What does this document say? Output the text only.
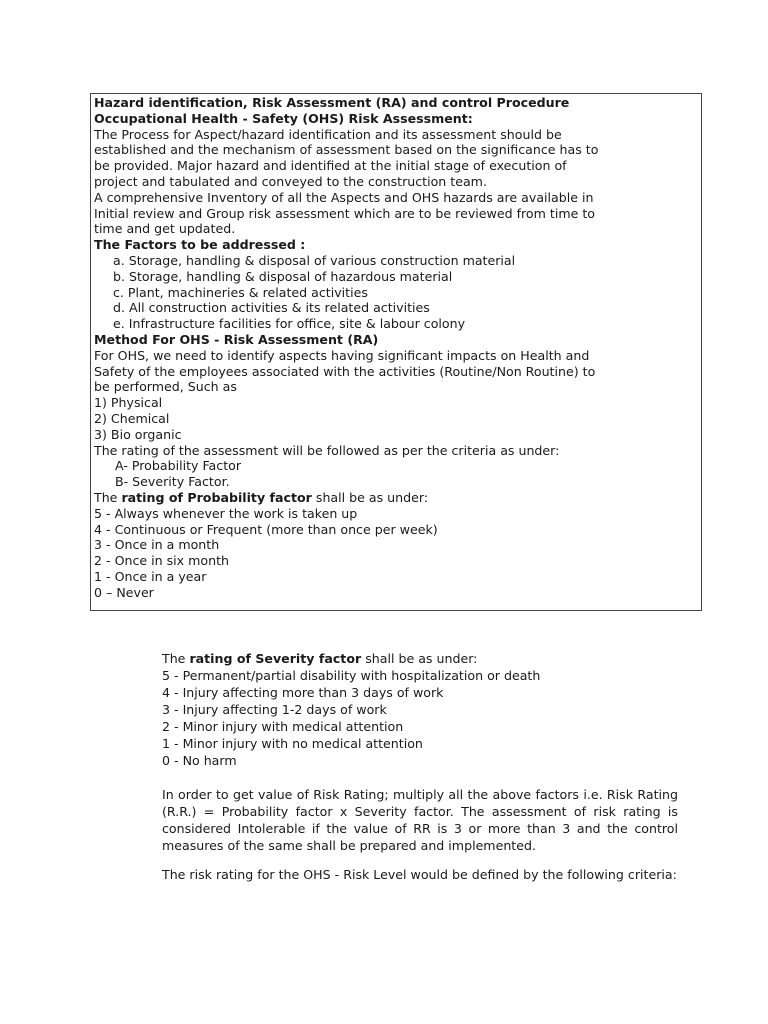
Hazard identification, Risk Assessment (RA) and control Procedure
Occupational Health - Safety (OHS) Risk Assessment:
The Process for Aspect/hazard identification and its assessment should be
established and the mechanism of assessment based on the significance has to
be provided. Major hazard and identified at the initial stage of execution of
project and tabulated and conveyed to the construction team.
A comprehensive Inventory of all the Aspects and OHS hazards are available in
Initial review and Group risk assessment which are to be reviewed from time to
time and get updated.
The Factors to be addressed :
a. Storage, handling & disposal of various construction material
b. Storage, handling & disposal of hazardous material
c. Plant, machineries & related activities
d. All construction activities & its related activities
e. Infrastructure facilities for office, site & labour colony
Method For OHS - Risk Assessment (RA)
For OHS, we need to identify aspects having significant impacts on Health and
Safety of the employees associated with the activities (Routine/Non Routine) to
be performed, Such as
1) Physical
2) Chemical
3) Bio organic
The rating of the assessment will be followed as per the criteria as under:
A- Probability Factor
B- Severity Factor.
The rating of Probability factor shall be as under:
5 - Always whenever the work is taken up
4 - Continuous or Frequent (more than once per week)
3 - Once in a month
2 - Once in six month
1 - Once in a year
0 – Never
The rating of Severity factor shall be as under:
5 - Permanent/partial disability with hospitalization or death
4 - Injury affecting more than 3 days of work
3 - Injury affecting 1-2 days of work
2 - Minor injury with medical attention
1 - Minor injury with no medical attention
0 - No harm
In order to get value of Risk Rating; multiply all the above factors i.e. Risk Rating (R.R.) = Probability factor x Severity factor. The assessment of risk rating is considered Intolerable if the value of RR is 3 or more than 3 and the control measures of the same shall be prepared and implemented.
The risk rating for the OHS - Risk Level would be defined by the following criteria:
